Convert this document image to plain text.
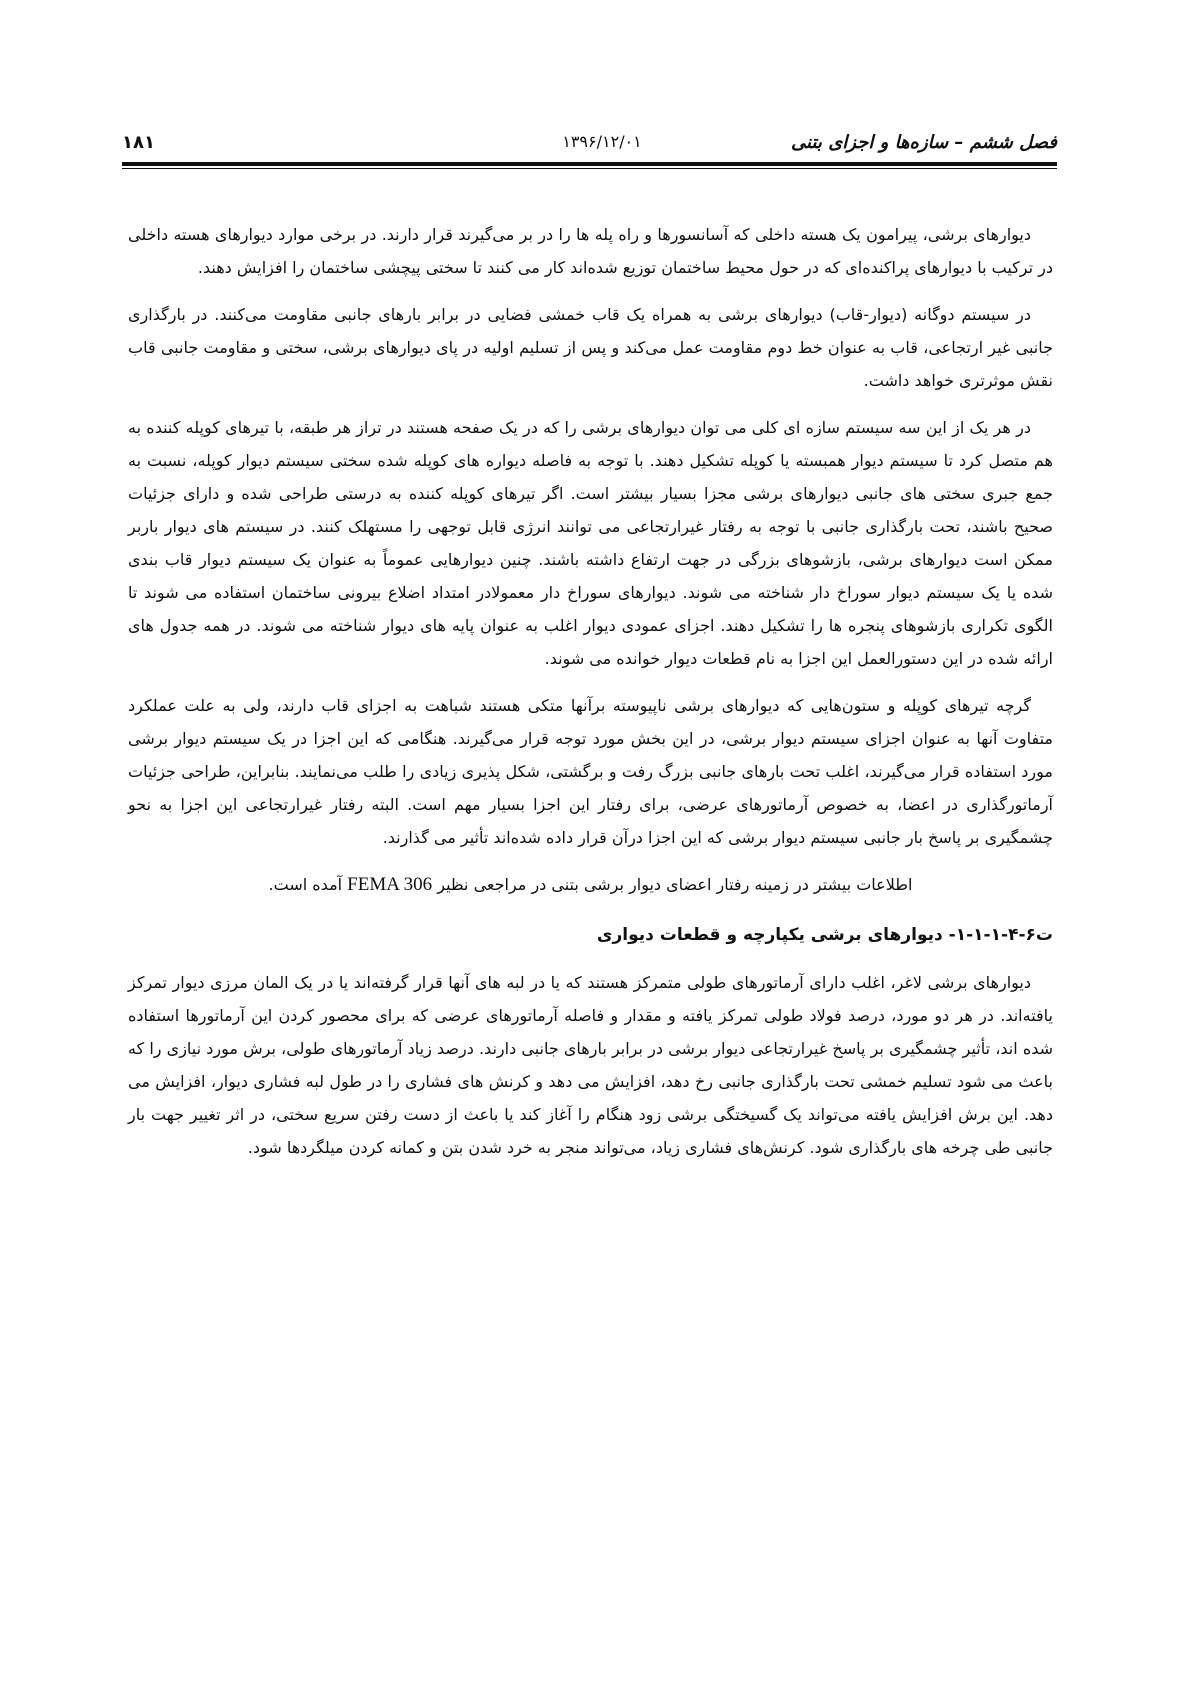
فصل ششم – سازه‌ها و اجزای بتنی
۱۳۹۶/۱۲/۰۱
۱۸۱

دیوارهای برشی، پیرامون یک هسته داخلی که آسانسورها و راه پله ها را در بر می‌گیرند قرار دارند. در برخی موارد دیوارهای هسته داخلی در ترکیب با دیوارهای پراکنده‌ای که در حول محیط ساختمان توزیع شده‌اند کار می کنند تا سختی پیچشی ساختمان را افزایش دهند.

در سیستم دوگانه (دیوار-قاب) دیوارهای برشی به همراه یک قاب خمشی فضایی در برابر بارهای جانبی مقاومت می‌کنند. در بارگذاری جانبی غیر ارتجاعی، قاب به عنوان خط دوم مقاومت عمل می‌کند و پس از تسلیم اولیه در پای دیوارهای برشی، سختی و مقاومت جانبی قاب نقش موثرتری خواهد داشت.

در هر یک از این سه سیستم سازه ای کلی می توان دیوارهای برشی را که در یک صفحه هستند در تراز هر طبقه، با تیرهای کوپله کننده به هم متصل کرد تا سیستم دیوار همبسته یا کوپله تشکیل دهند. با توجه به فاصله دیواره های کوپله شده سختی سیستم دیوار کوپله، نسبت به جمع جبری سختی های جانبی دیوارهای برشی مجزا بسیار بیشتر است. اگر تیرهای کوپله کننده به درستی طراحی شده و دارای جزئیات صحیح باشند، تحت بارگذاری جانبی با توجه به رفتار غیرارتجاعی می توانند انرژی قابل توجهی را مستهلک کنند. در سیستم های دیوار باربر ممکن است دیوارهای برشی، بازشوهای بزرگی در جهت ارتفاع داشته باشند. چنین دیوارهایی عموماً به عنوان یک سیستم دیوار قاب بندی شده یا یک سیستم دیوار سوراخ دار شناخته می شوند. دیوارهای سوراخ دار معمولادر امتداد اضلاع بیرونی ساختمان استفاده می شوند تا الگوی تکراری بازشوهای پنجره ها را تشکیل دهند. اجزای عمودی دیوار اغلب به عنوان پایه های دیوار شناخته می شوند. در همه جدول های ارائه شده در این دستورالعمل این اجزا به نام قطعات دیوار خوانده می شوند.

گرچه تیرهای کوپله و ستون‌هایی که دیوارهای برشی ناپیوسته برآنها متکی هستند شباهت به اجزای قاب دارند، ولی به علت عملکرد متفاوت آنها به عنوان اجزای سیستم دیوار برشی، در این بخش مورد توجه قرار می‌گیرند. هنگامی که این اجزا در یک سیستم دیوار برشی مورد استفاده قرار می‌گیرند، اغلب تحت بارهای جانبی بزرگ رفت و برگشتی، شکل پذیری زیادی را طلب می‌نمایند. بنابراین، طراحی جزئیات آرماتورگذاری در اعضا، به خصوص آرماتورهای عرضی، برای رفتار این اجزا بسیار مهم است. البته رفتار غیرارتجاعی این اجزا به نحو چشمگیری بر پاسخ بار جانبی سیستم دیوار برشی که این اجزا درآن قرار داده شده‌اند تأثیر می گذارند.

اطلاعات بیشتر در زمینه رفتار اعضای دیوار برشی بتنی در مراجعی نظیر FEMA 306 آمده است.

ت۶-۴-۱-۱-۱- دیوارهای برشی یکپارچه و قطعات دیواری

دیوارهای برشی لاغر، اغلب دارای آرماتورهای طولی متمرکز هستند که یا در لبه های آنها قرار گرفته‌اند یا در یک المان مرزی دیوار تمرکز یافته‌اند. در هر دو مورد، درصد فولاد طولی تمرکز یافته و مقدار و فاصله آرماتورهای عرضی که برای محصور کردن این آرماتورها استفاده شده اند، تأثیر چشمگیری بر پاسخ غیرارتجاعی دیوار برشی در برابر بارهای جانبی دارند. درصد زیاد آرماتورهای طولی، برش مورد نیازی را که باعث می شود تسلیم خمشی تحت بارگذاری جانبی رخ دهد، افزایش می دهد و کرنش های فشاری را در طول لبه فشاری دیوار، افزایش می دهد. این برش افزایش یافته می‌تواند یک گسیختگی برشی زود هنگام را آغاز کند یا باعث از دست رفتن سریع سختی، در اثر تغییر جهت بار جانبی طی چرخه های بارگذاری شود. کرنش‌های فشاری زیاد، می‌تواند منجر به خرد شدن بتن و کمانه کردن میلگردها شود.
